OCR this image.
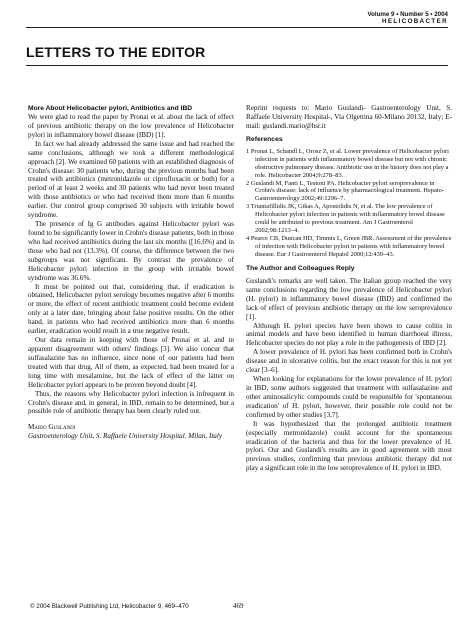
Volume 9 • Number 5 • 2004
HELICOBACTER
LETTERS TO THE EDITOR

More About Helicobacter pylori, Antibiotics and IBD

We were glad to read the paper by Pronai et al. about the lack of effect of previous antibiotic therapy on the low prevalence of Helicobacter pylori in inflammatory bowel disease (IBD) [1].

In fact we had already addressed the same issue and had reached the same conclusions, although we took a different methodological approach [2]. We examined 60 patients with an established diagnosis of Crohn's disease: 30 patients who, during the previous months had been treated with antibiotics (metronidazole or ciprofloxacin or both) for a period of at least 2 weeks and 30 patients who had never been treated with those antibiotics or who had received them more than 6 months earlier. Our control group comprised 30 subjects with irritable bowel syndrome.

The presence of Ig G antibodies against Helicobacter pylori was found to be significantly lower in Crohn's disease patients, both in those who had received antibiotics during the last six months ([16.6%) and in those who had not (13.3%). Of course, the difference between the two subgroups was not significant. By contrast the prevalence of Helicobacter pylori infection in the group with irritable bowel syndrome was 36.6%.

It must be pointed out that, considering that, if eradication is obtained, Helicobacter pylori serology becomes negative after 6 months or more, the effect of recent antibiotic treatment could become evident only at a later date, bringing about false positive results. On the other hand, in patients who had received antibiotics more than 6 months earlier, eradication would result in a true negative result.

Our data remain in keeping with those of Pronai et al. and in apparent disagreement with others' findings [3]. We also concur that sulfasalazine has no influence, since none of our patients had been treated with that drug. All of them, as expected, had been treated for a long time with mesalamine, but the lack of effect of the latter on Helicobacter pylori appears to be proven beyond doubt [4].

Thus, the reasons why Helicobacter pylori infection is infrequent in Crohn's disease and, in general, in IBD, remain to be determined, but a possible role of antibiotic therapy has been clearly ruled out.

Mario Guslandi

Gastroenterology Unit, S. Raffaele University Hospital. Milan, Italy

Reprint requests to: Mario Guslandi- Gastroenterology Unit, S. Raffaele University Hospital-, Via Olgettina 60-Milano 20132, Italy; E-mail: guslandi.mario@hsr.it

References

1 Pronai L, Schandl L, Orosz Z, et al. Lower prevalence of Helicobacter pylori infection in patients with inflammatory bowel disease but not with chronic obstructive pulmonary disease. Antibiotic use in the history does not play a role. Helicobacter 2004;9:278–83.
2 Guslandi M, Fanti L, Testoni PA. Helicobacter pylori seroprevalence in Crohn's disease: lack of influence by pharmacological treatment. Hepato-Gastroenterology 2002;49:1296–7.
3 Triantafillidis JK, Gikas A, Apostolidis N, et al. The low prevalence of Helicobacter pylori infection in patients with inflammatory bowel disease could be attributed to previous treatment. Am J Gastroenterol 2002;98:1213–4.
4 Pearce CB, Duncan HD, Timmis L, Green JBR. Assessment of the prevalence of infection with Helicobacter pylori in patients with inflammatory bowel disease. Eur J Gastroenterol Hepatol 2000;12:439–43.

The Author and Colleagues Reply

Guslandi's remarks are well taken. The Italian group reached the very same conclusions regarding the low prevalence of Helicobacter pylori (H. pylori) in inflammatory bowel disease (IBD) and confirmed the lack of effect of previous antibiotic therapy on the low seroprevalence [1].

Although H. pylori species have been shown to cause colitis in animal models and have been identified in human diarrhoeal illness, Helicobacter species do not play a role in the pathogenesis of IBD [2].

A lower prevalence of H. pylori has been confirmed both in Crohn's disease and in ulcerative colitis, but the exact reason for this is not yet clear [3–6].

When looking for explanations for the lower prevalence of H. pylori in IBD, some authors suggested that treatment with sulfasalazine and other aminosalicylic compounds could be responsible for 'spontaneous eradication' of H. pylori, however, their possible role could not be confirmed by other studies [3,7].

It was hypothesized that the prolonged antibiotic treatment (especially metronidazole) could account for the spontaneous eradication of the bacteria and thus for the lower prevalence of H. pylori. Our and Guslandi's results are in good agreement with most previous studies, confirming that previous antibiotic therapy did not play a significant role in the low seroprevalence of H. pylori in IBD.

© 2004 Blackwell Publishing Ltd, Helicobacter 9, 469–470	469
